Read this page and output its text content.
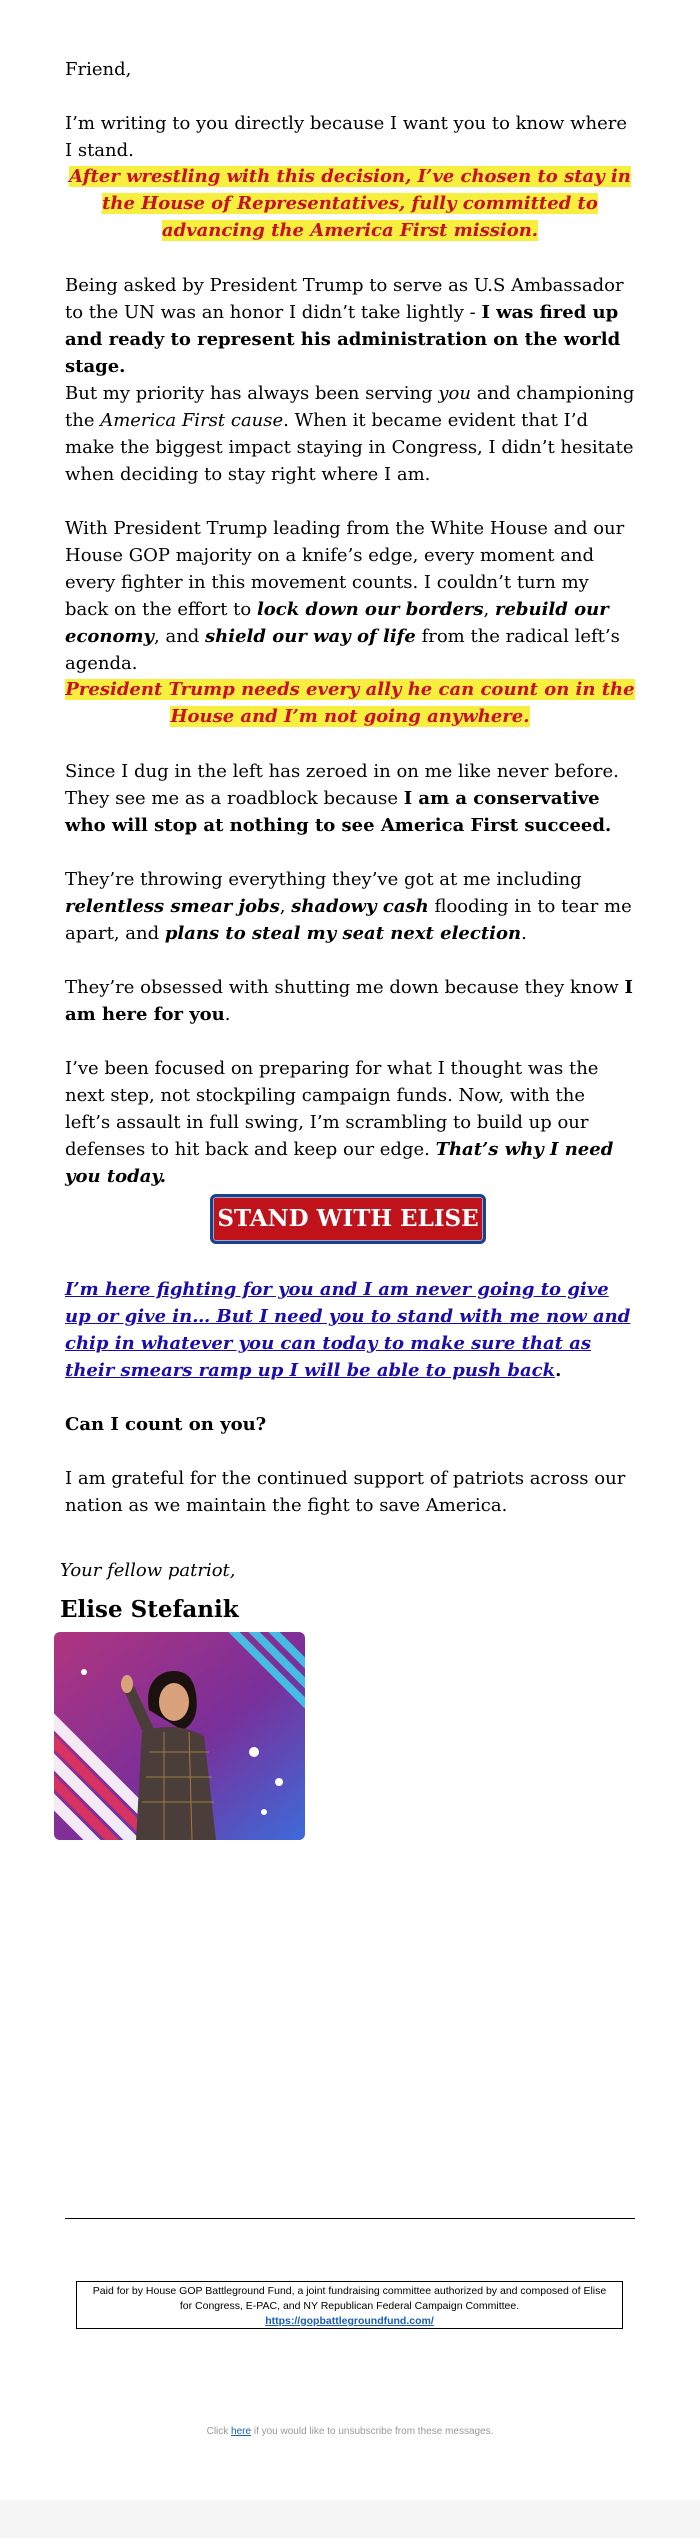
Friend,

I’m writing to you directly because I want you to know where I stand.

After wrestling with this decision, I’ve chosen to stay in the House of Representatives, fully committed to advancing the America First mission.

Being asked by President Trump to serve as U.S Ambassador to the UN was an honor I didn’t take lightly - I was fired up and ready to represent his administration on the world stage.

But my priority has always been serving you and championing the America First cause. When it became evident that I’d make the biggest impact staying in Congress, I didn’t hesitate when deciding to stay right where I am.

With President Trump leading from the White House and our House GOP majority on a knife’s edge, every moment and every fighter in this movement counts. I couldn’t turn my back on the effort to lock down our borders, rebuild our economy, and shield our way of life from the radical left’s agenda.

President Trump needs every ally he can count on in the House and I’m not going anywhere.

Since I dug in the left has zeroed in on me like never before. They see me as a roadblock because I am a conservative who will stop at nothing to see America First succeed.

They’re throwing everything they’ve got at me including relentless smear jobs, shadowy cash flooding in to tear me apart, and plans to steal my seat next election.

They’re obsessed with shutting me down because they know I am here for you.

I’ve been focused on preparing for what I thought was the next step, not stockpiling campaign funds. Now, with the left’s assault in full swing, I’m scrambling to build up our defenses to hit back and keep our edge. That’s why I need you today.

I’m here fighting for you and I am never going to give up or give in… But I need you to stand with me now and chip in whatever you can today to make sure that as their smears ramp up I will be able to push back.

Can I count on you?

I am grateful for the continued support of patriots across our nation as we maintain the fight to save America.

STAND WITH ELISE
Your fellow patriot,
Elise Stefanik
Paid for by House GOP Battleground Fund, a joint fundraising committee authorized by and composed of Elise for Congress, E-PAC, and NY Republican Federal Campaign Committee.
https://gopbattlegroundfund.com/
Click here if you would like to unsubscribe from these messages.
